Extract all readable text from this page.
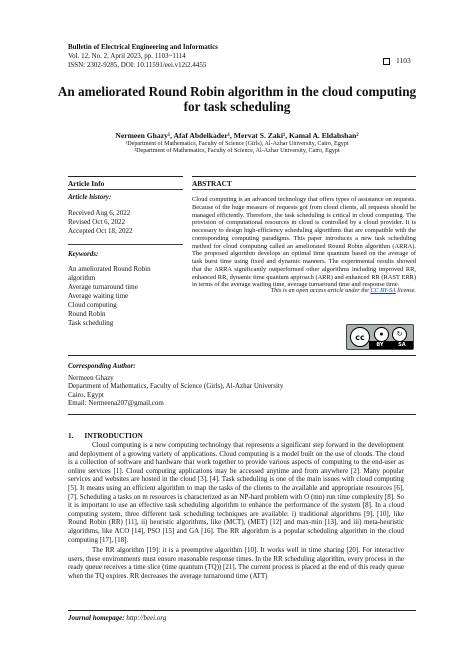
Bulletin of Electrical Engineering and Informatics
Vol. 12, No. 2, April 2023, pp. 1103~1114
ISSN: 2302-9285, DOI: 10.11591/eei.v12i2.4455	1103
An ameliorated Round Robin algorithm in the cloud computing for task scheduling
Nermeen Ghazy¹, Afaf Abdelkader¹, Mervat S. Zaki¹, Kamal A. Eldahshan²
¹Department of Mathematics, Faculty of Science (Girls), Al-Azhar University, Cairo, Egypt
²Department of Mathematics, Faculty of Science, Al-Azhar University, Cairo, Egypt
Article Info	ABSTRACT
Article history:
Received Aug 6, 2022
Revised Oct 6, 2022
Accepted Oct 18, 2022
Keywords:
An ameliorated Round Robin
algorithm
Average turnaround time
Average waiting time
Cloud computing
Round Robin
Task scheduling
Cloud computing is an advanced technology that offers types of assistance on requests. Because of the huge measure of requests got from cloud clients, all requests should be managed efficiently. Therefore, the task scheduling is critical in cloud computing. The provision of computational resources in cloud is controlled by a cloud provider. It is necessary to design high-efficiency scheduling algorithms that are compatible with the corresponding computing paradigms. This paper introduces a new task scheduling method for cloud computing called an ameliorated Round Robin algorithm (ARRA). The proposed algorithm develops an optimal time quantum based on the average of task burst time using fixed and dynamic manners. The experimental results showed that the ARRA significantly outperformed other algorithms including improved RR, enhanced RR, dynamic time quantum approach (ARR) and enhanced RR (RAST ERR) in terms of the average waiting time, average turnaround time and response time.
This is an open access article under the CC BY-SA license.
cc	●	↻
BY	SA
Corresponding Author:
Nermeen Ghazy
Department of Mathematics, Faculty of Science (Girls), Al-Azhar University
Cairo, Egypt
Email: Nermeena207@gmail.com
1.      INTRODUCTION

Cloud computing is a new computing technology that represents a significant step forward in the development and deployment of a growing variety of applications. Cloud computing is a model built on the use of clouds. The cloud is a collection of software and hardware that work together to provide various aspects of computing to the end-user as online services [1]. Cloud computing applications may be accessed anytime and from anywhere [2]. Many popular services and websites are hosted in the cloud [3], [4]. Task scheduling is one of the main issues with cloud computing [5]. It means using an efficient algorithm to map the tasks of the clients to the available and appropriate resources [6], [7]. Scheduling a tasks on m resources is characterized as an NP-hard problem with O (mn) run time complexity [8]. So it is important to use an effective task scheduling algorithm to enhance the performance of the system [8]. In a cloud computing system, three different task scheduling techniques are available: i) traditional algorithms [9], [10], like Round Robin (RR) [11], ii) heuristic algorithms, like (MCT), (MET) [12] and max-min [13], and iii) meta-heuristic algorithms, like ACO [14], PSO [15] and GA [16]. The RR algorithm is a popular scheduling algorithm in the cloud computing [17], [18].

The RR algorithm [19]: it is a preemptive algorithm [10]. It works well in time sharing [20]. For interactive users, these environments must ensure reasonable response times. In the RR scheduling algorithm, every process in the ready queue receives a time slice (time quantum (TQ)) [21]. The current process is placed at the end of this ready queue when the TQ expires. RR decreases the average turnaround time (ATT)

Journal homepage: http://beei.org
